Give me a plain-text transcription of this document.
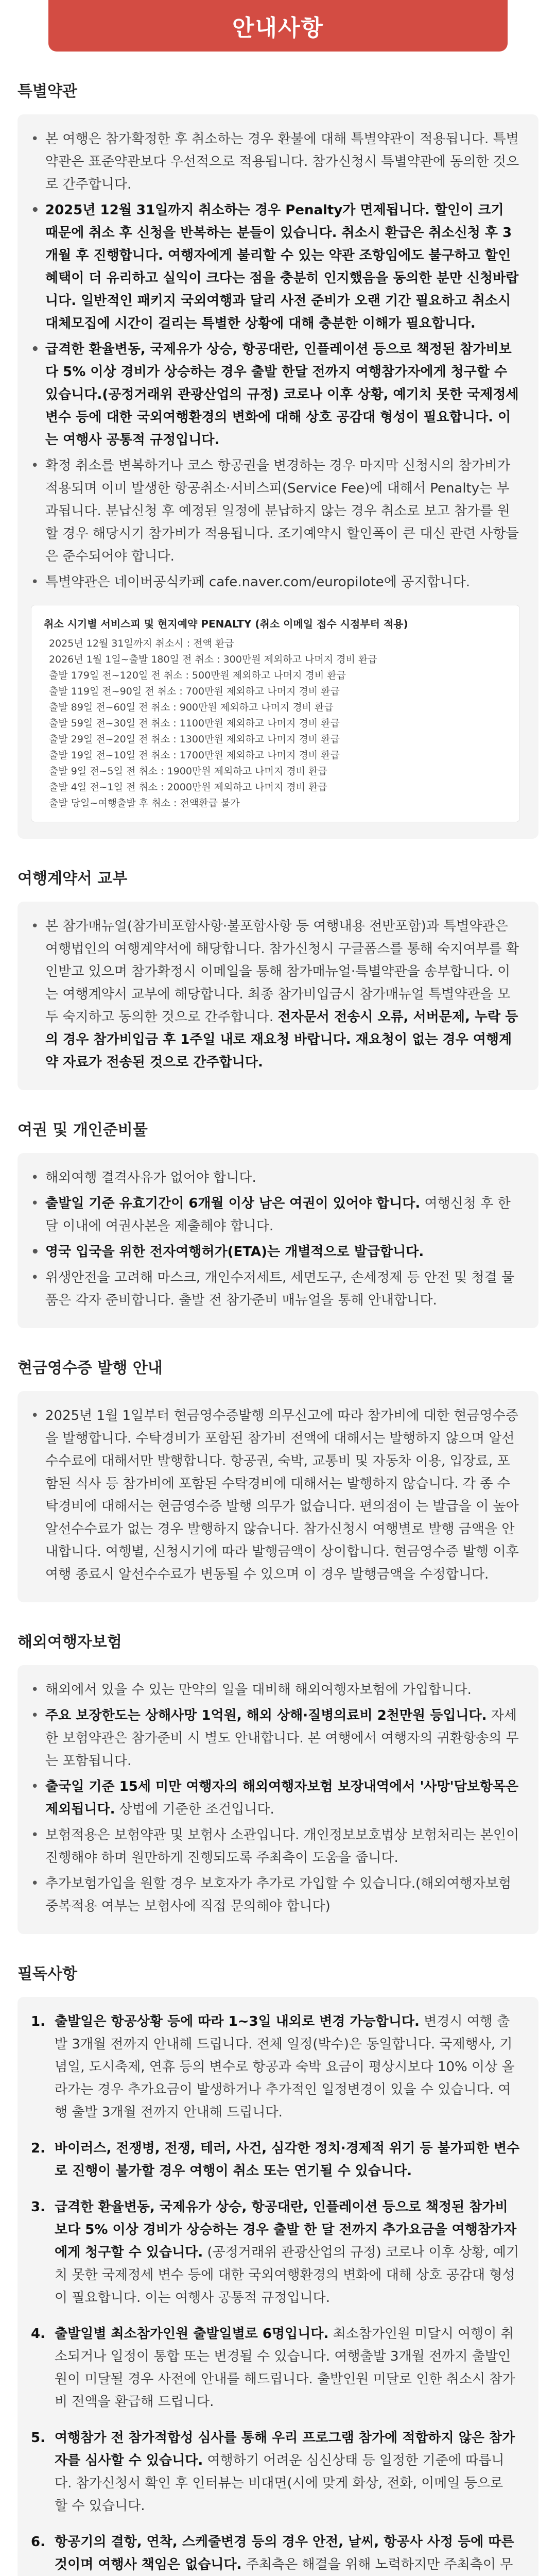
안내사항
특별약관
• 본 여행은 참가확정한 후 취소하는 경우 환불에 대해 특별약관이 적용됩니다. 특별약관은 표준약관보다 우선적으로 적용됩니다. 참가신청시 특별약관에 동의한 것으로 간주합니다.
• 2025년 12월 31일까지 취소하는 경우 Penalty가 면제됩니다. 할인이 크기 때문에 취소 후 신청을 반복하는 분들이 있습니다. 취소시 환급은 취소신청 후 3개월 후 진행합니다. 여행자에게 불리할 수 있는 약관 조항임에도 불구하고 할인혜택이 더 유리하고 실익이 크다는 점을 충분히 인지했음을 동의한 분만 신청바랍니다. 일반적인 패키지 국외여행과 달리 사전 준비가 오랜 기간 필요하고 취소시 대체모집에 시간이 걸리는 특별한 상황에 대해 충분한 이해가 필요합니다.
• 급격한 환율변동, 국제유가 상승, 항공대란, 인플레이션 등으로 책정된 참가비보다 5% 이상 경비가 상승하는 경우 출발 한달 전까지 여행참가자에게 청구할 수 있습니다.(공정거래위 관광산업의 규정) 코로나 이후 상황, 예기치 못한 국제정세 변수 등에 대한 국외여행환경의 변화에 대해 상호 공감대 형성이 필요합니다. 이는 여행사 공통적 규정입니다.
• 확정 취소를 변복하거나 코스 항공권을 변경하는 경우 마지막 신청시의 참가비가 적용되며 이미 발생한 항공취소·서비스피(Service Fee)에 대해서 Penalty는 부과됩니다. 분납신청 후 예정된 일정에 분납하지 않는 경우 취소로 보고 참가를 원할 경우 해당시기 참가비가 적용됩니다. 조기예약시 할인폭이 큰 대신 관련 사항들은 준수되어야 합니다.
• 특별약관은 네이버공식카페 cafe.naver.com/europilote에 공지합니다.
취소 시기별 서비스피 및 현지예약 PENALTY (취소 이메일 접수 시점부터 적용)
2025년 12월 31일까지 취소시 : 전액 환급
2026년 1월 1일~출발 180일 전 취소 : 300만원 제외하고 나머지 경비 환급
출발 179일 전~120일 전 취소 : 500만원 제외하고 나머지 경비 환급
출발 119일 전~90일 전 취소 : 700만원 제외하고 나머지 경비 환급
출발 89일 전~60일 전 취소 : 900만원 제외하고 나머지 경비 환급
출발 59일 전~30일 전 취소 : 1100만원 제외하고 나머지 경비 환급
출발 29일 전~20일 전 취소 : 1300만원 제외하고 나머지 경비 환급
출발 19일 전~10일 전 취소 : 1700만원 제외하고 나머지 경비 환급
출발 9일 전~5일 전 취소 : 1900만원 제외하고 나머지 경비 환급
출발 4일 전~1일 전 취소 : 2000만원 제외하고 나머지 경비 환급
출발 당일~여행출발 후 취소 : 전액환급 불가
여행계약서 교부
• 본 참가매뉴얼(참가비포함사항·불포함사항 등 여행내용 전반포함)과 특별약관은 여행법인의 여행계약서에 해당합니다. 참가신청시 구글폼스를 통해 숙지여부를 확인받고 있으며 참가확정시 이메일을 통해 참가매뉴얼·특별약관을 송부합니다. 이는 여행계약서 교부에 해당합니다. 최종 참가비입금시 참가매뉴얼 특별약관을 모두 숙지하고 동의한 것으로 간주합니다. 전자문서 전송시 오류, 서버문제, 누락 등의 경우 참가비입금 후 1주일 내로 재요청 바랍니다. 재요청이 없는 경우 여행계약 자료가 전송된 것으로 간주합니다.
여권 및 개인준비물
• 해외여행 결격사유가 없어야 합니다.
• 출발일 기준 유효기간이 6개월 이상 남은 여권이 있어야 합니다. 여행신청 후 한 달 이내에 여권사본을 제출해야 합니다.
• 영국 입국을 위한 전자여행허가(ETA)는 개별적으로 발급합니다.
• 위생안전을 고려해 마스크, 개인수저세트, 세면도구, 손세정제 등 안전 및 청결 물품은 각자 준비합니다. 출발 전 참가준비 매뉴얼을 통해 안내합니다.
현금영수증 발행 안내
• 2025년 1월 1일부터 현금영수증발행 의무신고에 따라 참가비에 대한 현금영수증을 발행합니다. 수탁경비가 포함된 참가비 전액에 대해서는 발행하지 않으며 알선수수료에 대해서만 발행합니다. 항공권, 숙박, 교통비 및 자동차 이용, 입장료, 포함된 식사 등 참가비에 포함된 수탁경비에 대해서는 발행하지 않습니다. 각 종 수탁경비에 대해서는 현금영수증 발행 의무가 없습니다. 편의점이 는 발급을 이 높아 알선수수료가 없는 경우 발행하지 않습니다. 참가신청시 여행별로 발행 금액을 안내합니다. 여행별, 신청시기에 따라 발행금액이 상이합니다. 현금영수증 발행 이후 여행 종료시 알선수수료가 변동될 수 있으며 이 경우 발행금액을 수정합니다.
해외여행자보험
• 해외에서 있을 수 있는 만약의 일을 대비해 해외여행자보험에 가입합니다.
• 주요 보장한도는 상해사망 1억원, 해외 상해·질병의료비 2천만원 등입니다. 자세한 보험약관은 참가준비 시 별도 안내합니다. 본 여행에서 여행자의 귀환항송의 무는 포함됩니다.
• 출국일 기준 15세 미만 여행자의 해외여행자보험 보장내역에서 '사망'담보항목은 제외됩니다. 상법에 기준한 조건입니다.
• 보험적용은 보험약관 및 보험사 소관입니다. 개인정보보호법상 보험처리는 본인이 진행해야 하며 원만하게 진행되도록 주최측이 도움을 줍니다.
• 추가보험가입을 원할 경우 보호자가 추가로 가입할 수 있습니다.(해외여행자보험 중복적용 여부는 보험사에 직접 문의해야 합니다)
필독사항
1. 출발일은 항공상황 등에 따라 1~3일 내외로 변경 가능합니다. 변경시 여행 출발 3개월 전까지 안내해 드립니다. 전체 일정(박수)은 동일합니다. 국제행사, 기념일, 도시축제, 연휴 등의 변수로 항공과 숙박 요금이 평상시보다 10% 이상 올라가는 경우 추가요금이 발생하거나 추가적인 일정변경이 있을 수 있습니다. 여행 출발 3개월 전까지 안내해 드립니다.
2. 바이러스, 전쟁병, 전쟁, 테러, 사건, 심각한 정치·경제적 위기 등 불가피한 변수로 진행이 불가할 경우 여행이 취소 또는 연기될 수 있습니다.
3. 급격한 환율변동, 국제유가 상승, 항공대란, 인플레이션 등으로 책정된 참가비보다 5% 이상 경비가 상승하는 경우 출발 한 달 전까지 추가요금을 여행참가자에게 청구할 수 있습니다. (공정거래위 관광산업의 규정) 코로나 이후 상황, 예기치 못한 국제정세 변수 등에 대한 국외여행환경의 변화에 대해 상호 공감대 형성이 필요합니다. 이는 여행사 공통적 규정입니다.
4. 출발일별 최소참가인원 출발일별로 6명입니다. 최소참가인원 미달시 여행이 취소되거나 일정이 통합 또는 변경될 수 있습니다. 여행출발 3개월 전까지 출발인원이 미달될 경우 사전에 안내를 해드립니다. 출발인원 미달로 인한 취소시 참가비 전액을 환급해 드립니다.
5. 여행참가 전 참가적합성 심사를 통해 우리 프로그램 참가에 적합하지 않은 참가자를 심사할 수 있습니다. 여행하기 어려운 심신상태 등 일정한 기준에 따릅니다. 참가신청서 확인 후 인터뷰는 비대면(시에 맞게 화상, 전화, 이메일 등으로 할 수 있습니다.
6. 항공기의 결항, 연착, 스케줄변경 등의 경우 안전, 날씨, 항공사 사정 등에 따른 것이며 여행사 책임은 없습니다. 주최측은 해결을 위해 노력하지만 주최측이 무
